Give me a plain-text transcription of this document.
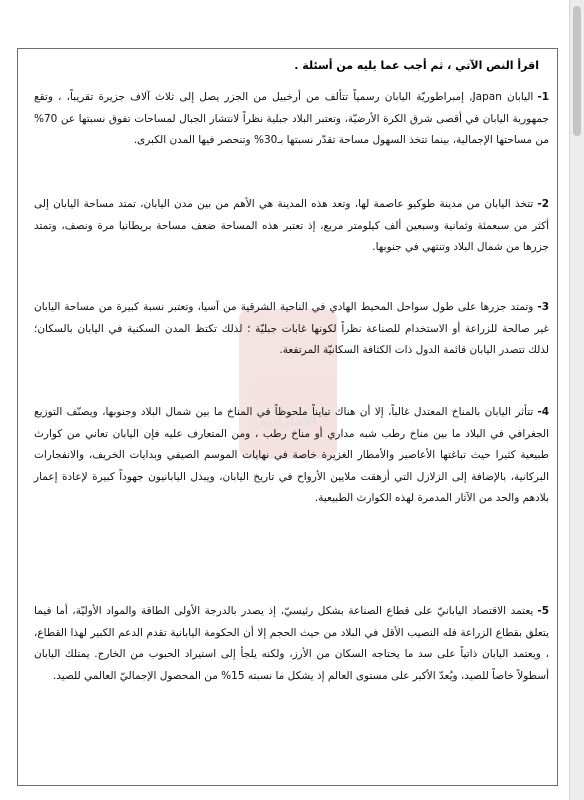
الإماراتية
اقرأ النص الآتي ، ثم أجب عما يليه من أسئلة .
1-اليابان Japan, إمبراطوريّة اليابان رسمياً تتألف من أرخبيل من الجزر يصل إلى ثلاث آلاف جزيرة تقريباً، ، وتقع جمهورية اليابان في أقصى شرق الكرة الأرضيّة، وتعتبر البلاد جبلية نظراً لانتشار الجبال لمساحات تفوق نسبتها عن 70% من مساحتها الإجمالية، بينما تتخذ السهول مساحة تقدّر نسبتها بـ30% وتنحصر فيها المدن الكبرى.
2-تتخذ اليابان من مدينة طوكيو عاصمة لها، وتعد هذه المدينة هي الأهم من بين مدن اليابان، تمتد مساحة اليابان إلى أكثر من سبعمئة وثمانية وسبعين ألف كيلومتر مربع، إذ تعتبر هذه المساحة ضعف مساحة بريطانيا مرة ونصف، وتمتد جزرها من شمال البلاد وتنتهي في جنوبها.
3-وتمتد جزرها على طول سواحل المحيط الهادي في الناحية الشرقية من آسيا، وتعتبر نسبة كبيرة من مساحة اليابان غير صالحة للزراعة أو الاستخدام للصناعة نظراً لكونها غابات جبليّة ؛ لذلك تكتظ المدن السكنية في اليابان بالسكان؛ لذلك تتصدر اليابان قائمة الدول ذات الكثافة السكانيّة المرتفعة.
4-تتأثر اليابان بالمناخ المعتدل غالباً، إلا أن هناك تبايناً ملحوظاً في المناخ ما بين شمال البلاد وجنوبها، ويصنّف التوزيع الجغرافي في البلاد ما بين مناخ رطب شبه مداري أو مناخ رطب ، ومن المتعارف عليه فإن اليابان تعاني من كوارث طبيعية كثيرا حيث تباغتها الأعاصير والأمطار الغزيرة خاصة في نهايات الموسم الصيفي وبدايات الخريف، والانفجارات البركانية، بالإضافة إلى الزلازل التي أزهقت ملايين الأرواح في تاريخ اليابان، ويبذل اليابانيون جهوداً كبيرة لإعادة إعمار بلادهم والحد من الآثار المدمرة لهذه الكوارث الطبيعية.
5-يعتمد الاقتصاد اليابانيّ على قطاع الصناعة بشكل رئيسيّ، إذ يصدر بالدرجة الأولى الطاقة والمواد الأوليّة، أما فيما يتعلق بقطاع الزراعة فله النصيب الأقل في البلاد من حيث الحجم إلا أن الحكومة اليابانية تقدم الدعم الكبير لهذا القطاع، ، ويعتمد اليابان ذاتياً على سد ما يحتاجه السكان من الأرز، ولكنه يلجأ إلى استيراد الحبوب من الخارج. يمتلك اليابان أسطولاً خاصاً للصيد، ويُعدّ الأكبر على مستوى العالم إذ يشكل ما نسبته 15% من المحصول الإجماليّ العالمي للصيد.
